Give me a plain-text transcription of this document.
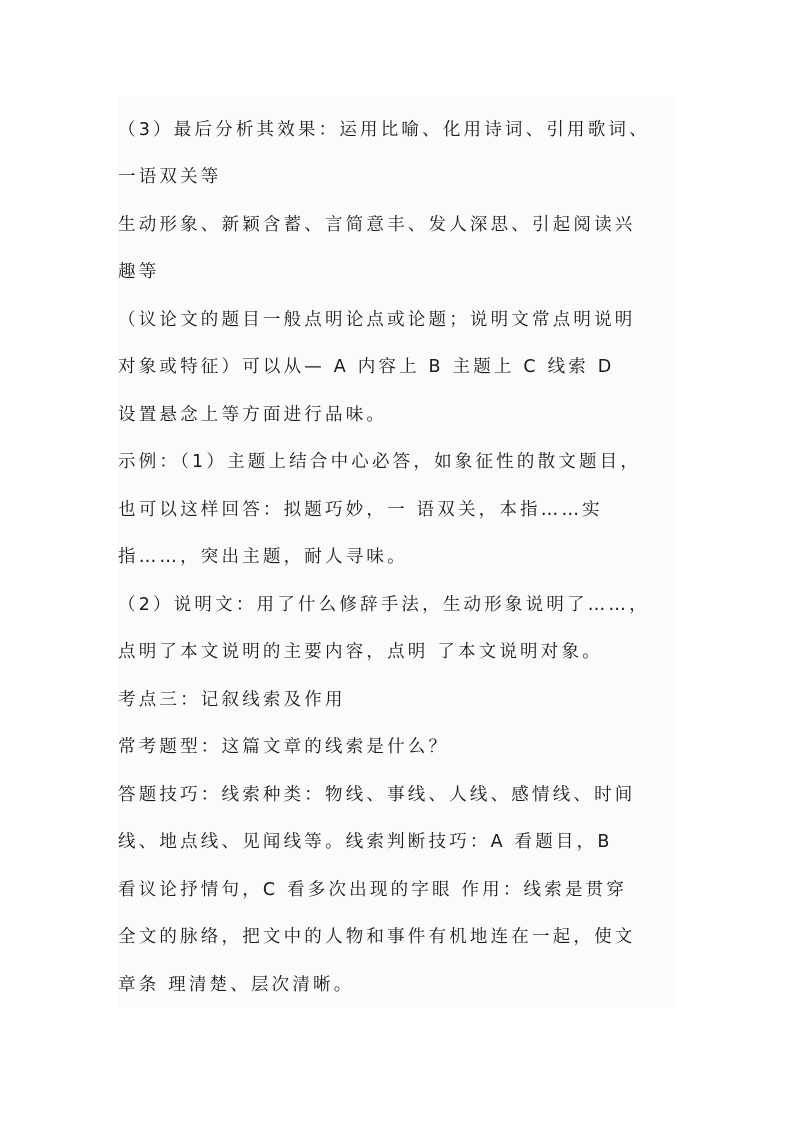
（3）最后分析其效果：运用比喻、化用诗词、引用歌词、
一语双关等
生动形象、新颖含蓄、言简意丰、发人深思、引起阅读兴
趣等
（议论文的题目一般点明论点或论题；说明文常点明说明
对象或特征）可以从— A 内容上 B 主题上 C 线索 D
设置悬念上等方面进行品味。
示例：（1）主题上结合中心必答，如象征性的散文题目，
也可以这样回答：拟题巧妙，一 语双关，本指……实
指……，突出主题，耐人寻味。
（2）说明文：用了什么修辞手法，生动形象说明了……，
点明了本文说明的主要内容，点明 了本文说明对象。
考点三：记叙线索及作用
常考题型：这篇文章的线索是什么？
答题技巧：线索种类：物线、事线、人线、感情线、时间
线、地点线、见闻线等。线索判断技巧：A 看题目，B
看议论抒情句，C 看多次出现的字眼 作用：线索是贯穿
全文的脉络，把文中的人物和事件有机地连在一起，使文
章条 理清楚、层次清晰。
